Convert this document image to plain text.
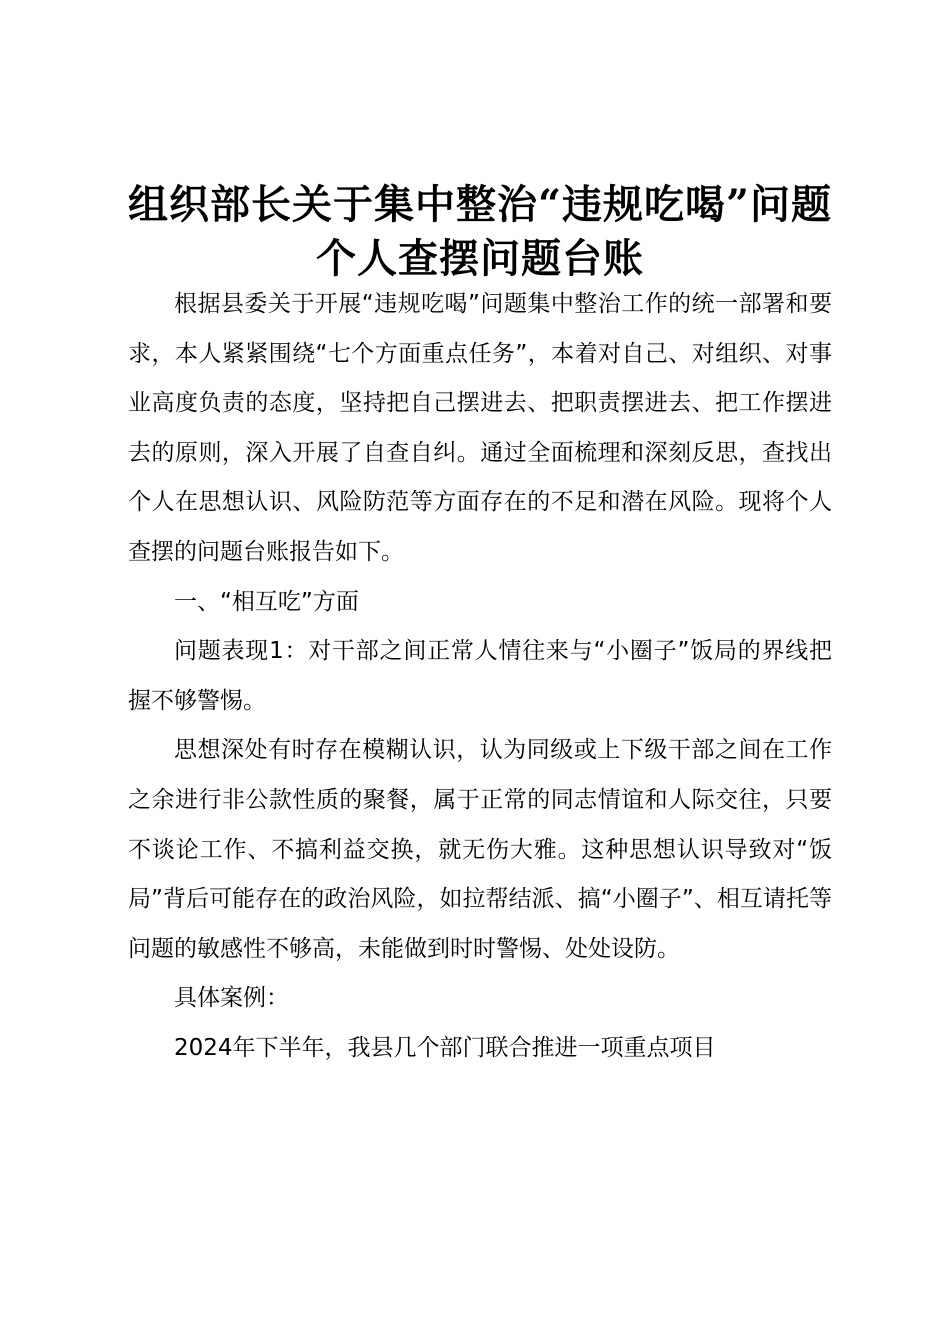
组织部长关于集中整治“违规吃喝”问题个人查摆问题台账

根据县委关于开展“违规吃喝”问题集中整治工作的统一部署和要求，本人紧紧围绕“七个方面重点任务”，本着对自己、对组织、对事业高度负责的态度，坚持把自己摆进去、把职责摆进去、把工作摆进去的原则，深入开展了自查自纠。通过全面梳理和深刻反思，查找出个人在思想认识、风险防范等方面存在的不足和潜在风险。现将个人查摆的问题台账报告如下。

一、“相互吃”方面

问题表现1：对干部之间正常人情往来与“小圈子”饭局的界线把握不够警惕。

思想深处有时存在模糊认识，认为同级或上下级干部之间在工作之余进行非公款性质的聚餐，属于正常的同志情谊和人际交往，只要不谈论工作、不搞利益交换，就无伤大雅。这种思想认识导致对“饭局”背后可能存在的政治风险，如拉帮结派、搞“小圈子”、相互请托等问题的敏感性不够高，未能做到时时警惕、处处设防。

具体案例：

2024年下半年，我县几个部门联合推进一项重点项目
